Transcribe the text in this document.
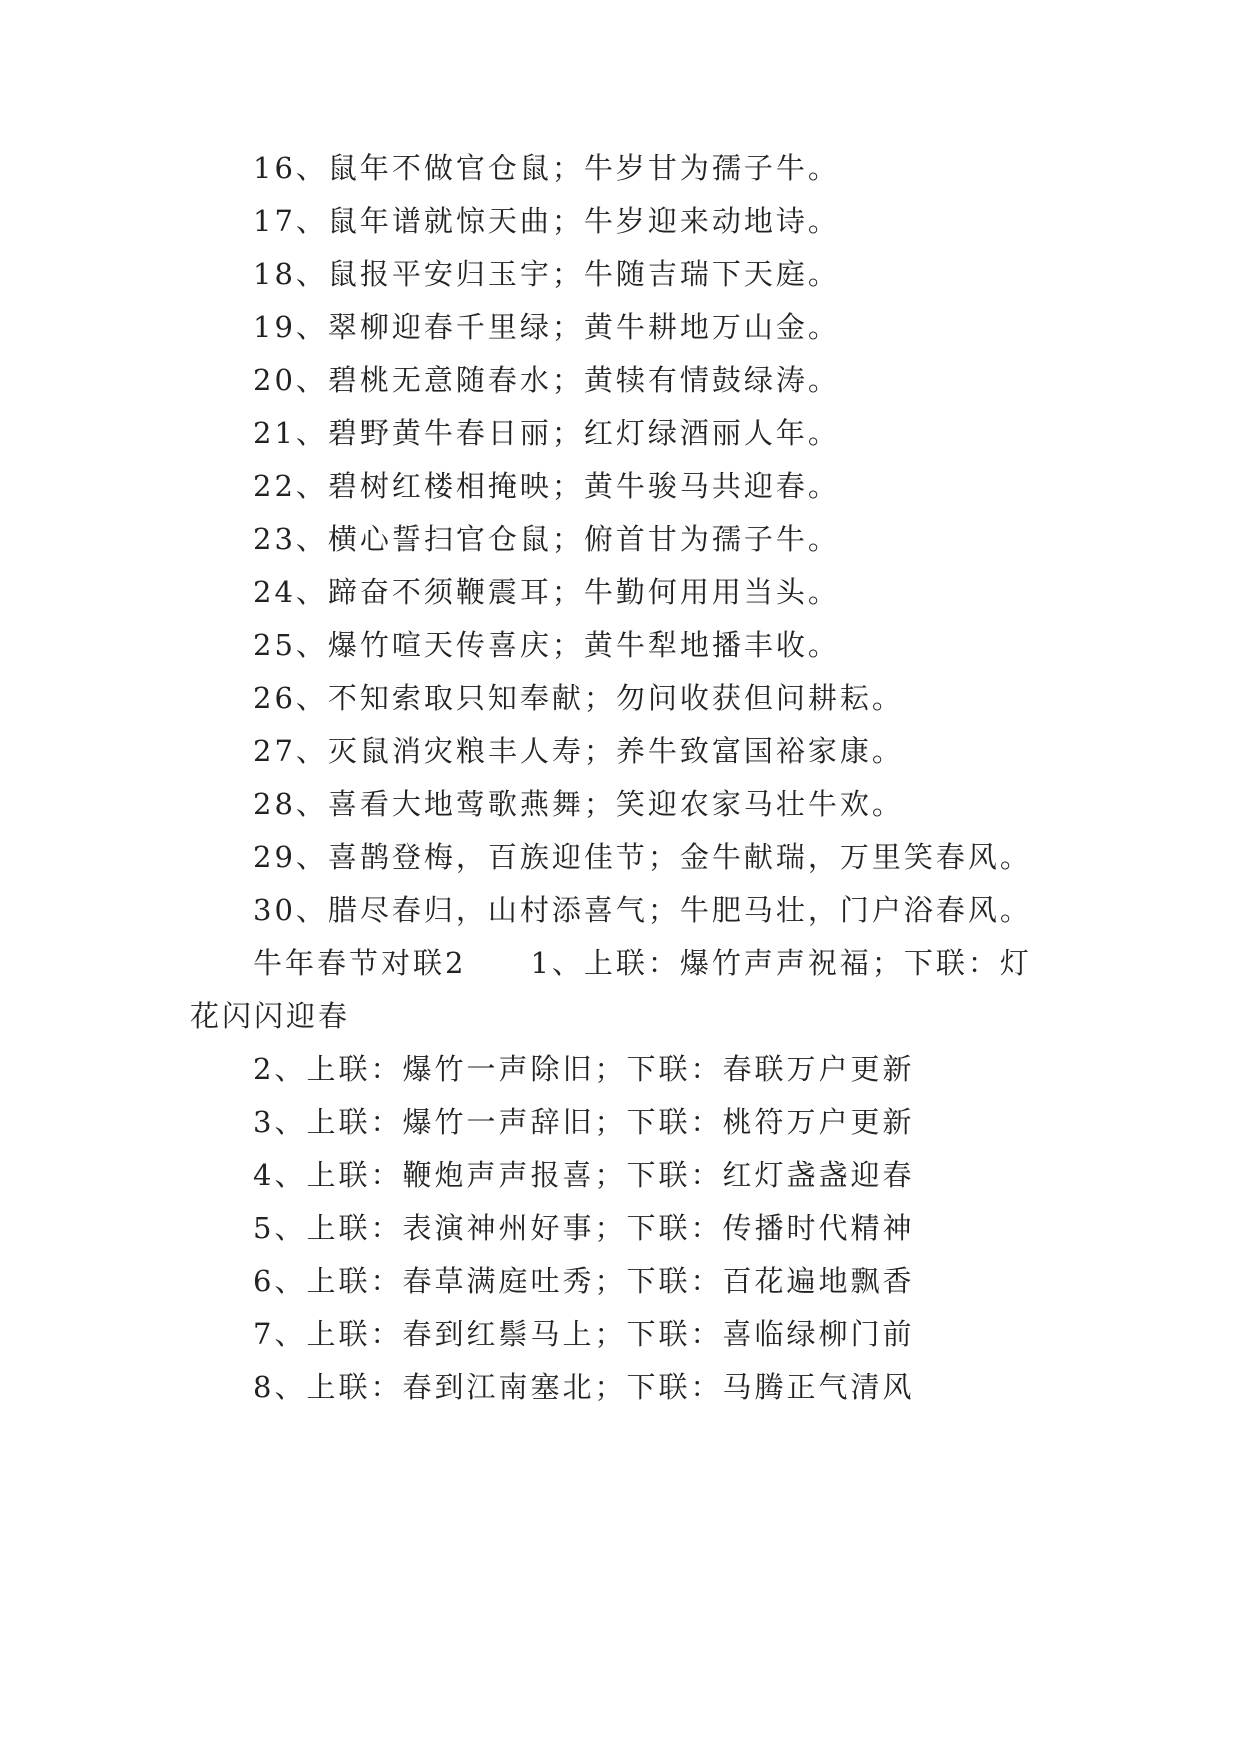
16、鼠年不做官仓鼠；牛岁甘为孺子牛。
17、鼠年谱就惊天曲；牛岁迎来动地诗。
18、鼠报平安归玉宇；牛随吉瑞下天庭。
19、翠柳迎春千里绿；黄牛耕地万山金。
20、碧桃无意随春水；黄犊有情鼓绿涛。
21、碧野黄牛春日丽；红灯绿酒丽人年。
22、碧树红楼相掩映；黄牛骏马共迎春。
23、横心誓扫官仓鼠；俯首甘为孺子牛。
24、蹄奋不须鞭震耳；牛勤何用用当头。
25、爆竹喧天传喜庆；黄牛犁地播丰收。
26、不知索取只知奉献；勿问收获但问耕耘。
27、灭鼠消灾粮丰人寿；养牛致富国裕家康。
28、喜看大地莺歌燕舞；笑迎农家马壮牛欢。
29、喜鹊登梅，百族迎佳节；金牛献瑞，万里笑春风。
30、腊尽春归，山村添喜气；牛肥马壮，门户浴春风。
牛年春节对联2　　1、上联：爆竹声声祝福；下联：灯
花闪闪迎春
2、上联：爆竹一声除旧；下联：春联万户更新
3、上联：爆竹一声辞旧；下联：桃符万户更新
4、上联：鞭炮声声报喜；下联：红灯盏盏迎春
5、上联：表演神州好事；下联：传播时代精神
6、上联：春草满庭吐秀；下联：百花遍地飘香
7、上联：春到红鬃马上；下联：喜临绿柳门前
8、上联：春到江南塞北；下联：马腾正气清风
